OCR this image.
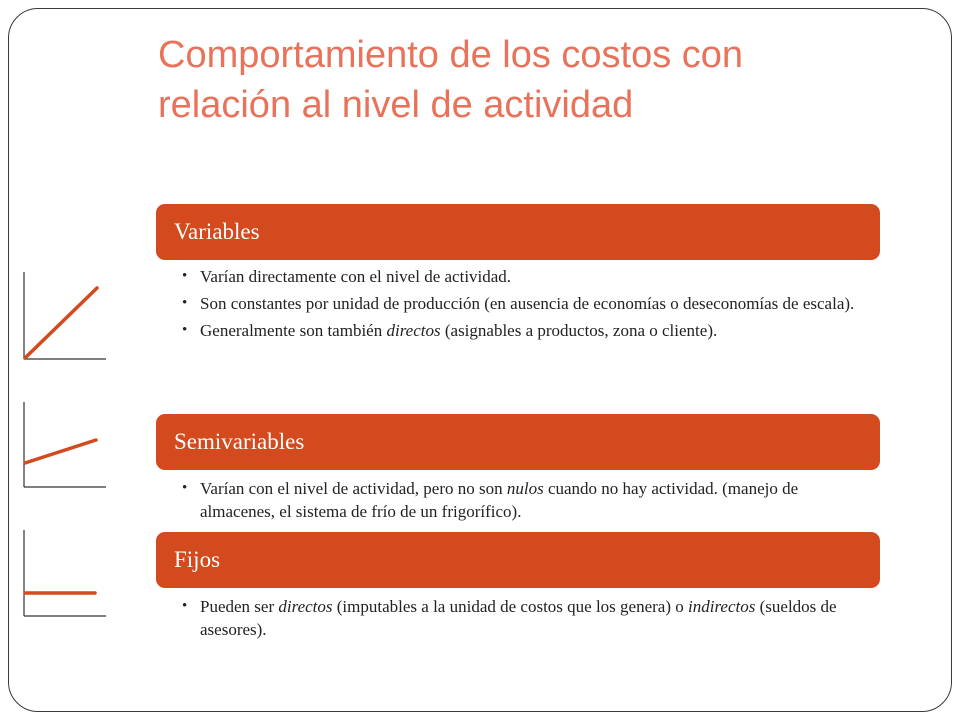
Comportamiento de los costos con
relación al nivel de actividad
Variables
• Varían directamente con el nivel de actividad.
• Son constantes por unidad de producción (en ausencia de economías o deseconomías de escala).
• Generalmente son también directos (asignables a productos, zona o cliente).
Semivariables
• Varían con el nivel de actividad, pero no son nulos cuando no hay actividad. (manejo de almacenes, el sistema de frío de un frigorífico).
Fijos
• Pueden ser directos (imputables a la unidad de costos que los genera) o indirectos (sueldos de asesores).
